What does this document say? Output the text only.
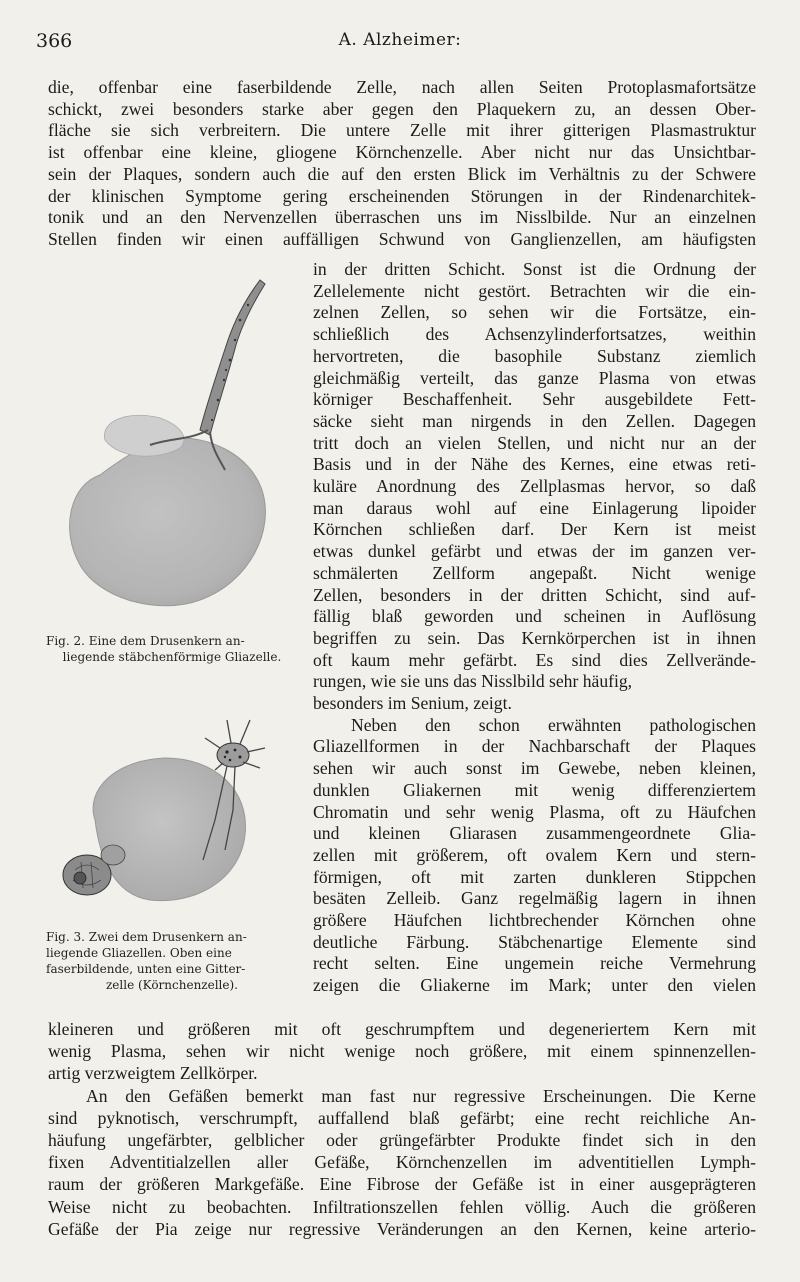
366	A. Alzheimer:
die, offenbar eine faserbildende Zelle, nach allen Seiten Protoplasmafortsätze
schickt, zwei besonders starke aber gegen den Plaquekern zu, an dessen Ober-
fläche sie sich verbreitern. Die untere Zelle mit ihrer gitterigen Plasmastruktur
ist offenbar eine kleine, gliogene Körnchenzelle. Aber nicht nur das Unsichtbar-
sein der Plaques, sondern auch die auf den ersten Blick im Verhältnis zu der Schwere
der klinischen Symptome gering erscheinenden Störungen in der Rindenarchitek-
tonik und an den Nervenzellen überraschen uns im Nisslbilde. Nur an einzelnen
Stellen finden wir einen auffälligen Schwund von Ganglienzellen, am häufigsten
in der dritten Schicht. Sonst ist die Ordnung der
Zellelemente nicht gestört. Betrachten wir die ein-
zelnen Zellen, so sehen wir die Fortsätze, ein-
schließlich des Achsenzylinderfortsatzes, weithin
hervortreten, die basophile Substanz ziemlich
gleichmäßig verteilt, das ganze Plasma von etwas
körniger Beschaffenheit. Sehr ausgebildete Fett-
säcke sieht man nirgends in den Zellen. Dagegen
tritt doch an vielen Stellen, und nicht nur an der
Basis und in der Nähe des Kernes, eine etwas reti-
kuläre Anordnung des Zellplasmas hervor, so daß
man daraus wohl auf eine Einlagerung lipoider
Körnchen schließen darf. Der Kern ist meist
etwas dunkel gefärbt und etwas der im ganzen ver-
schmälerten Zellform angepaßt. Nicht wenige
Zellen, besonders in der dritten Schicht, sind auf-
fällig blaß geworden und scheinen in Auflösung
begriffen zu sein. Das Kernkörperchen ist in ihnen
oft kaum mehr gefärbt. Es sind dies Zellverände-
rungen, wie sie uns das Nisslbild sehr häufig,
besonders im Senium, zeigt.
Neben den schon erwähnten pathologischen
Gliazellformen in der Nachbarschaft der Plaques
sehen wir auch sonst im Gewebe, neben kleinen,
dunklen Gliakernen mit wenig differenziertem
Chromatin und sehr wenig Plasma, oft zu Häufchen
und kleinen Gliarasen zusammengeordnete Glia-
zellen mit größerem, oft ovalem Kern und stern-
förmigen, oft mit zarten dunkleren Stippchen
besäten Zelleib. Ganz regelmäßig lagern in ihnen
größere Häufchen lichtbrechender Körnchen ohne
deutliche Färbung. Stäbchenartige Elemente sind
recht selten. Eine ungemein reiche Vermehrung
zeigen die Gliakerne im Mark; unter den vielen
kleineren und größeren mit oft geschrumpftem und degeneriertem Kern mit
wenig Plasma, sehen wir nicht wenige noch größere, mit einem spinnenzellen-
artig verzweigtem Zellkörper.
An den Gefäßen bemerkt man fast nur regressive Erscheinungen. Die Kerne
sind pyknotisch, verschrumpft, auffallend blaß gefärbt; eine recht reichliche An-
häufung ungefärbter, gelblicher oder grüngefärbter Produkte findet sich in den
fixen Adventitialzellen aller Gefäße, Körnchenzellen im adventitiellen Lymph-
raum der größeren Markgefäße. Eine Fibrose der Gefäße ist in einer ausgeprägteren
Weise nicht zu beobachten. Infiltrationszellen fehlen völlig. Auch die größeren
Gefäße der Pia zeige nur regressive Veränderungen an den Kernen, keine arterio-
Fig. 2. Eine dem Drusenkern an-
liegende stäbchenförmige Gliazelle.
Fig. 3. Zwei dem Drusenkern an-
liegende Gliazellen. Oben eine
faserbildende, unten eine Gitter-
zelle (Körnchenzelle).
